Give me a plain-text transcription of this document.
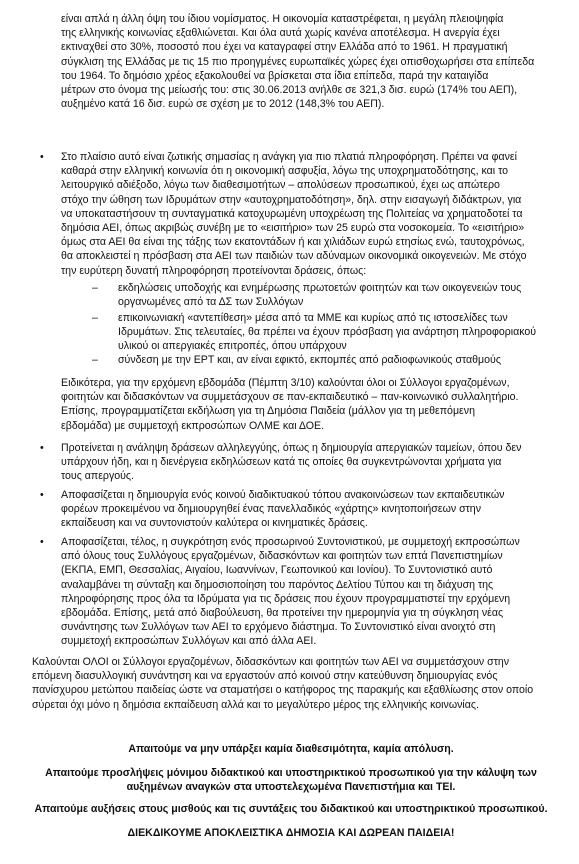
είναι απλά η άλλη όψη του ίδιου νομίσματος. Η οικονομία καταστρέφεται, η μεγάλη πλειοψηφία

της ελληνικής κοινωνίας εξαθλιώνεται. Και όλα αυτά χωρίς κανένα αποτέλεσμα. Η ανεργία έχει

εκτιναχθεί στο 30%, ποσοστό που έχει να καταγραφεί στην Ελλάδα από το 1961. Η πραγματική

σύγκλιση της Ελλάδας με τις 15 πιο προηγμένες ευρωπαϊκές χώρες έχει οπισθοχωρήσει στα επίπεδα

του 1964. Το δημόσιο χρέος εξακολουθεί να βρίσκεται στα ίδια επίπεδα, παρά την καταιγίδα

μέτρων στο όνομα της μείωσής του: στις 30.06.2013 ανήλθε σε 321,3 δισ. ευρώ (174% του ΑΕΠ),

αυξημένο κατά 16 δισ. ευρώ σε σχέση με το 2012 (148,3% του ΑΕΠ).

• Στο πλαίσιο αυτό είναι ζωτικής σημασίας η ανάγκη για πιο πλατιά πληροφόρηση. Πρέπει να φανεί

καθαρά στην ελληνική κοινωνία ότι η οικονομική ασφυξία, λόγω της υποχρηματοδότησης, και το

λειτουργικό αδιέξοδο, λόγω των διαθεσιμοτήτων – απολύσεων προσωπικού, έχει ως απώτερο

στόχο την ώθηση των Ιδρυμάτων στην «αυτοχρηματοδότηση», δηλ. στην εισαγωγή διδάκτρων, για

να υποκαταστήσουν τη συνταγματικά κατοχυρωμένη υποχρέωση της Πολιτείας να χρηματοδοτεί τα

δημόσια ΑΕΙ, όπως ακριβώς συνέβη με το «εισιτήριο» των 25 ευρώ στα νοσοκομεία. Το «εισιτήριο»

όμως στα ΑΕΙ θα είναι της τάξης των εκατοντάδων ή και χιλιάδων ευρώ ετησίως ενώ, ταυτοχρόνως,

θα αποκλειστεί η πρόσβαση στα ΑΕΙ των παιδιών των αδύναμων οικονομικά οικογενειών. Με στόχο

την ευρύτερη δυνατή πληροφόρηση προτείνονται δράσεις, όπως:

– εκδηλώσεις υποδοχής και ενημέρωσης πρωτοετών φοιτητών και των οικογενειών τους

οργανωμένες από τα ΔΣ των Συλλόγων

– επικοινωνιακή «αντεπίθεση» μέσα από τα ΜΜΕ και κυρίως από τις ιστοσελίδες των

Ιδρυμάτων. Στις τελευταίες, θα πρέπει να έχουν πρόσβαση για ανάρτηση πληροφοριακού

υλικού οι απεργιακές επιτροπές, όπου υπάρχουν

– σύνδεση με την ΕΡΤ και, αν είναι εφικτό, εκπομπές από ραδιοφωνικούς σταθμούς

Ειδικότερα, για την ερχόμενη εβδομάδα (Πέμπτη 3/10) καλούνται όλοι οι Σύλλογοι εργαζομένων,

φοιτητών και διδασκόντων να συμμετάσχουν σε παν-εκπαιδευτικό – παν-κοινωνικό συλλαλητήριο.

Επίσης, προγραμματίζεται εκδήλωση για τη Δημόσια Παιδεία (μάλλον για τη μεθεπόμενη

εβδομάδα) με συμμετοχή εκπροσώπων ΟΛΜΕ και ΔΟΕ.

• Προτείνεται η ανάληψη δράσεων αλληλεγγύης, όπως η δημιουργία απεργιακών ταμείων, όπου δεν

υπάρχουν ήδη, και η διενέργεια εκδηλώσεων κατά τις οποίες θα συγκεντρώνονται χρήματα για

τους απεργούς.

• Αποφασίζεται η δημιουργία ενός κοινού διαδικτυακού τόπου ανακοινώσεων των εκπαιδευτικών

φορέων προκειμένου να δημιουργηθεί ένας πανελλαδικός «χάρτης» κινητοποιήσεων στην

εκπαίδευση και να συντονιστούν καλύτερα οι κινηματικές δράσεις.

• Αποφασίζεται, τέλος, η συγκρότηση ενός προσωρινού Συντονιστικού, με συμμετοχή εκπροσώπων

από όλους τους Συλλόγους εργαζομένων, διδασκόντων και φοιτητών των επτά Πανεπιστημίων

(ΕΚΠΑ, ΕΜΠ, Θεσσαλίας, Αιγαίου, Ιωαννίνων, Γεωπονικού και Ιονίου). Το Συντονιστικό αυτό

αναλαμβάνει τη σύνταξη και δημοσιοποίηση του παρόντος Δελτίου Τύπου και τη διάχυση της

πληροφόρησης προς όλα τα Ιδρύματα για τις δράσεις που έχουν προγραμματιστεί την ερχόμενη

εβδομάδα. Επίσης, μετά από διαβούλευση, θα προτείνει την ημερομηνία για τη σύγκληση νέας

συνάντησης των Συλλόγων των ΑΕΙ το ερχόμενο διάστημα. Το Συντονιστικό είναι ανοιχτό στη

συμμετοχή εκπροσώπων Συλλόγων και από άλλα ΑΕΙ.

Καλούνται ΟΛΟΙ οι Σύλλογοι εργαζομένων, διδασκόντων και φοιτητών των ΑΕΙ να συμμετάσχουν στην

επόμενη διασυλλογική συνάντηση και να εργαστούν από κοινού στην κατεύθυνση δημιουργίας ενός

πανίσχυρου μετώπου παιδείας ώστε να σταματήσει ο κατήφορος της παρακμής και εξαθλίωσης στον οποίο

σύρεται όχι μόνο η δημόσια εκπαίδευση αλλά και το μεγαλύτερο μέρος της ελληνικής κοινωνίας.

Απαιτούμε να μην υπάρξει καμία διαθεσιμότητα, καμία απόλυση.
Απαιτούμε προσλήψεις μόνιμου διδακτικού και υποστηρικτικού προσωπικού για την κάλυψη των
αυξημένων αναγκών στα υποστελεχωμένα Πανεπιστήμια και ΤΕΙ.
Απαιτούμε αυξήσεις στους μισθούς και τις συντάξεις του διδακτικού και υποστηρικτικού προσωπικού.
ΔΙΕΚΔΙΚΟΥΜΕ ΑΠΟΚΛΕΙΣΤΙΚΑ ΔΗΜΟΣΙΑ ΚΑΙ ΔΩΡΕΑΝ ΠΑΙΔΕΙΑ!
